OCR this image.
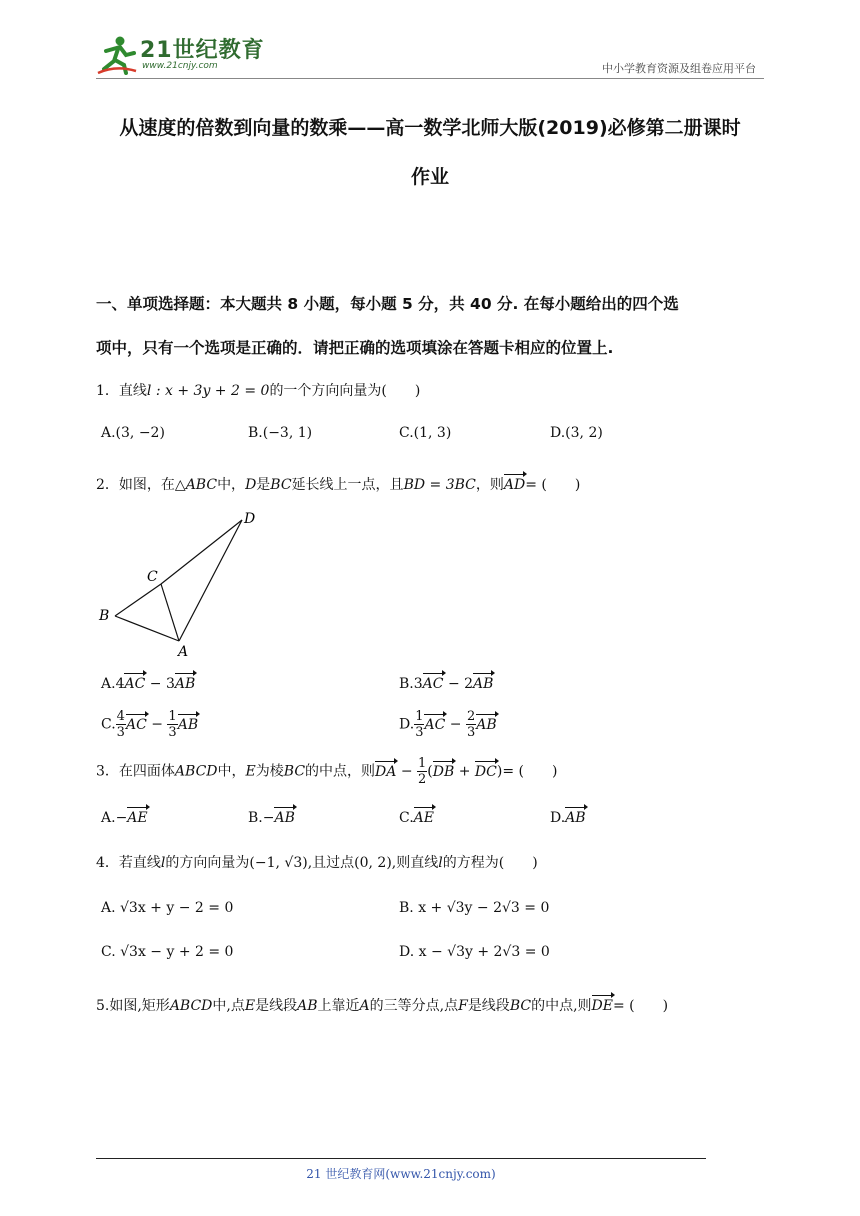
21世纪教育
www.21cnjy.com	中小学教育资源及组卷应用平台
从速度的倍数到向量的数乘——高一数学北师大版(2019)必修第二册课时
作业
一、单项选择题：本大题共 8 小题，每小题 5 分，共 40 分. 在每小题给出的四个选
项中，只有一个选项是正确的．请把正确的选项填涂在答题卡相应的位置上.
1．直线l : x + 3y + 2 = 0的一个方向向量为(　　)
A.(3, −2)	B.(−3, 1)	C.(1, 3)	D.(3, 2)
2．如图，在△ABC中，D是BC延长线上一点，且BD = 3BC，则AD= (　　)
B
C
D
A
A.4AC − 3AB	B.3AC − 2AB
C. $\frac{4}{3}$ AC − $\frac{1}{3}$ AB	D. $\frac{1}{3}$ AC − $\frac{2}{3}$ AB
3．在四面体ABCD中，E为棱BC的中点，则DA − $\frac{1}{2} (DB + DC)=$ (　　)
A.−AE	B.−AB	C.AE	D.AB
4．若直线l的方向向量为(−1, √3),且过点(0, 2),则直线l的方程为(　　)
A. √3x + y − 2 = 0	B. x + √3y − 2√3 = 0
C. √3x − y + 2 = 0	D. x − √3y + 2√3 = 0
5.如图,矩形ABCD中,点E是线段AB上靠近A的三等分点,点F是线段BC的中点,则DE= (　　)
21 世纪教育网(www.21cnjy.com)
